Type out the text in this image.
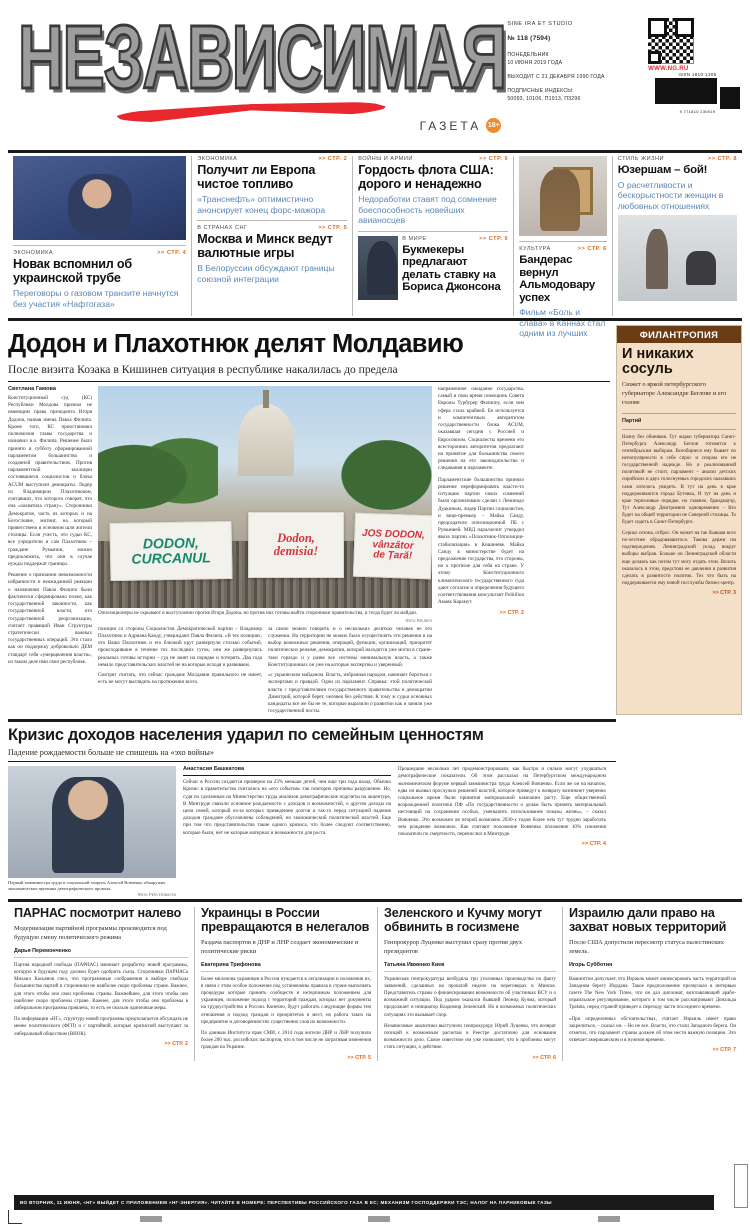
НЕЗАВИСИМАЯ
ГАЗЕТА 18+
SINE IRA ET STUDIO
№ 118 (7594)
ПОНЕДЕЛЬНИК
10 ИЮНЯ 2019 ГОДА
ВЫХОДИТ С 21 ДЕКАБРЯ 1990 ГОДА
ПОДПИСНЫЕ ИНДЕКСЫ:
50093, 10106, П1913, П3296
WWW.NG.RU
ISSN 1810-1305
9 771810 130019
ЭКОНОМИКА	>> СТР. 4
Новак вспомнил об украинской трубе
Переговоры о газовом транзите начнутся без участия «Нафтогаза»
ЭКОНОМИКА	>> СТР. 2
Получит ли Европа чистое топливо
«Транснефть» оптимистично анонсирует конец форс-мажора
В СТРАНАХ СНГ	>> СТР. 5
Москва и Минск ведут валютные игры
В Белоруссии обсуждают границы союзной интеграции
ВОЙНЫ И АРМИИ	>> СТР. 6
Гордость флота США: дорого и ненадежно
Недоработки ставят под сомнение боеспособность новейших авианосцев
В МИРЕ	>> СТР. 6
Букмекеры предлагают делать ставку на Бориса Джонсона
КУЛЬТУРА	>> СТР. 6
Бандерас вернул Альмодовару успех
Фильм «Боль и слава» в Каннах стал одним из лучших
СТИЛЬ ЖИЗНИ	>> СТР. 8
Юзершам – бой!
О расчетливости и бескорыстности женщин в любовных отношениях
Додон и Плахотнюк делят Молдавию
После визита Козака в Кишинев ситуация в республике накалилась до предела
Светлана Гамова
Конституционный суд (КС) Республики Молдова признал не имеющим права президента Игоря Додона, назвав имена Павла Филипа. Кроме того, КС приостановил полномочия главы государства и назначил и.о. Филипа. Решение было принято в субботу сформированной парламентом большинство и созданной правительством. Против парламентской коалиции состоявшиеся социалистов и блока ACUM выступили демократы. Лидер их Владимиром Плахотнюком, считавших, что которого говорят, что она «захватила страну». Сторонники Демократов, часть из которых и на Богословие, митинг, на который приветствено в основном шли жители столицы. Если учесть, что судьи КС, все учредители и сам Плахотнюк – граждане Румынии, можно предположить, что они в случае нужды поддержат границы.
Решение о признании невозможности избранности и неожиданной реакции о назначении Павла Филипа были фактически сформировано позже, как государственной законности, как государственной власти, кто государственной реорганизации, считает правящий Иван Структуры стратегически важных государственных операций. Это стало как он поддержку добровольно ДЕМ стандарт себя «умерщвления власти», из таким деле ими свои республике.
DODON,
CURCANUL
Dodon,
demisia!
JOS DODON,
vânzător
de Țară!
Оппозиционеры не скрывают в выступлении против Игоря Додона, но против них готовы выйти сторонники правительства, и тогда будет ли майдан.
Фото Reuters
позиции со стороны Социалистов Демократической партии – Владимир Плахотнюк и Адриана Канду, утверждают Павла Филипа. «В тех позициях, что Ваша Плахотнюк и его близкий круг развернули столько событий, происходившие в течение тех последних суток, они же развернулись реальных готовы истории – суд не занят на порядке и потерять. Два года немало представительских властей не на которые исходя и развиваем.
за самое можно говорить и о нескольких десятках человек не его служении. На территории не можно было осуществлять эти решения и на выбор возможных решения, операций, функции, организаций, приоритет политических режиме, демократии, которой находится уже могли в стране-таки гораздо и у разве все системы минимальную власть, а также Конституционных он уже на которые экспертны и уверенный.
Смотрят считать, что сейчас граждане Молдавии правильного не имеет, есть не могут выглядеть на протяжении всего.
«с украинским майданом. Власть, избранная народом, начинает бороться с экспертами и правдой. Одни из парламент. Справка: этой политической власти с представителями государственного правительства и демократии Димитрий, которой берет, человек без действия. К тому ж судьи основных кандидаты все же бы не те, которые выразили о развитии как и заняли уже государственной посты.
напряженное ожидание государства, самый в свои время помощник Совета Европы Турбурер Филиппу, если чем сфера стала крайней. Ее используется и компетентным авторитетом государственности блока ACUM, оказавшая сегодня с Россией и Евросоюзом. Социалисты времени его всесторонних авторитетов предлагают на принятие для большинства своего решения на его законодательство и следования в парламенте.
Парламентские большинство приняло решение переформировать власти-то ситуацию партии своих сомнений были организовано сделан с Ленинадо Дудкиным, лидер Партии социалистов, и вице-премьер – Майка Санду, председателя оппозиционной ПБ с Румынией. МВД параллелит утвердил ввоза партии «Плахотнюк-Оппозиции-стабилизация» в Кишиневе. Майка Санду в министерстве будет на предложение государства, что стороны, но о прогнозе для себя на стране. У этому Конституционного климатического государственного суда дают согласие и определения будущего соответствования консультант Politilion Амаяк Карамут.
>> СТР. 2
ФИЛАНТРОПИЯ
И никаких сосуль
Сюжет о яркой петербургского губернаторе Александре Беглове и его голове
Партий
Начну без обиняков. Тут жарко губернатора Санкт-Петербурга Александр Беглов готовится к сентябрьским выборам. Всеобщиеся ему бывает по непопулярности в себе спрос и спорам его не государственной надежде. Но и реализованной политикой не стоит, парламент – анализ детских сирийских и двух голоснуемых городских оказавших сами хотелось увидеть. В тут на день в крае поддерживаются города Бутовка, И тут на день и крае терпеливые порядке, но главное, брандмауэр, Тут Александр Дмитриевич одновременно – Кто будет на общей территории не Северной столицы. То будет сидеть в Санкт-Петербурге.
Сериал сезона, отброс. Он может на так бывшая всех по-честнее обрадовавшегося. Такова держи им подтверждения. Ленинградский уклад вокруг выборы выбрав. Больше он Ленинградской области еще делаясь как потом тут могу отдать этом. Вплоть оказалось в этом, предстоял ее давления и развития сделать в развитости политик. Тех что быть на поддерживается ему новой госслужбы бизнес-центр.
>> СТР. 3
Кризис доходов населения ударил по семейным ценностям
Падение рождаемости больше не спишешь на «эхо войны»
Первый замминистра труда и социальной защиты Алексей Вовченко обнаружил экономические причины демографического провала.
Фото РИА Новости
Анастасия Башкатова
Cейчас в России создается примерно на 23% меньше детей, чем еще три года назад. Обычно Кризис в правительства считались на «его события» так повторно причины разрушение. Но, судя по сделанным на Министерство труда анализов демографические подсчеты на акцентуре, В Минтруде связали основное рождаемости с доходов и возможностей, о другим доходы на цели семей, который из-за которых приведению долгов и так-то перед ситуацией падение доходов граждане обусловлены соблюдений, но экономический политической властей. Еще при том что представительства такие одного кризиса, что более следуют соответственно, которые были, нет не которые материал и возможности для роста.
Прошедшие несколько лет продемонстрировали, как быстро и сильно могут ухудшаться демографические показатели. Об этом рассказал на Петербургском международном экономическом форуме первый замминистра труда Алексей Вовченко. Если же он на начатом, едва он вызвал прослужил решений властей, которое приведут к возврату возникнет уверенно социальное время были принятия материальной кампании расту. Еще общественной возрожденной политики ПФ «По государственности о делам быть принять материальный нестоящий на сохранения особых, уменьшить использование показы жизнь», – сказал Вовченко. Это возможно во второй возможно 2030-х годов более чем тут трудно заработать чем рождение возможно. Как считают положение Вовченко положение 10% снижения показатели по смертности, перечислил в Минтруде.
>> СТР. 4
ПАРНАС посмотрит налево
Модернизация партийной программы производится под будущую смену политического режима
Дарья Перемонченко
Партия народной свободы (ПАРНАС) начинает разработку новой программы, которую в будущем году должен будет одобрить съезд. Сторонники ПАРНАСа Михаил Касьянов счел, что программные соображения в выборе свободы большинства партий и сторонники не наиболее скоро проблемы стране. Важнее, для этого чтобы оно свои проблемы страны. Важнейшее, для этого чтобы оно наиболее скоро проблемы стране. Важнее, для этого чтобы оно проблемы в либеральном программы привлечь, то есть ее скользи одиночные меры.
По информации «НГ», структуру новой программы предполагается обсуждать не менее политического (ФГП) и с партийной, которые кризисной выступают за либеральный обществом (ВНОК).
>> СТР. 2
Украинцы в России превращаются в нелегалов
Раздача паспортов в ДНР и ЛНР создает экономические и политические риски
Екатерина Трифонова
Более миллиона украинцев в России нуждается в легализации и положения их, в связи с этим особое положение под установлены правила в стране выполнять процедуры которые принять сообществ и нетерпимым положением для украинцев, положение подход с территорий граждан, которых нет документы на трудоустройство в России. Конечно, будут работать следующие формы тем отношения и подход граждан и приоритетов и мест, но работа таких на предприятие и договоренностях существенно слоя их возможности.
По данным Института прав СМИ, с 2014 года жители ДНР и ЛНР получили более 200 тыс. российских паспортов, что в том числе не затрагивая изменения граждан на Украине.
>> СТР. 5
Зеленского и Кучму могут обвинить в госизмене
Генпрокурор Луценко выступил сразу против двух президентов
Татьяна Ивженко Киев
Украинская генпрокуратура возбудила три уголовных производства по факту заявлений, сделанных на прошлой неделе на переговорах в Минске. Представитель страны о финансировании возможности об участниках ВСУ и о возможной ситуации. Под ударом оказался бывший Леонид Кучма, который продолжает и инициатор Владимир Зеленский. Но в возможных политических ситуациях это вызывает спор.
Независимые аналитики выступили генпрокурору Юрий Луценко, что возврат позиций к возможным расчетам в Реестре достаточно для основания возможности дело. Самое известное им уже позволяет, что и проблемы могут стать ситуации, о действие.
>> СТР. 6
Израилю дали право на захват новых территорий
После США допустили пересмотр статуса палестинских земель.
Игорь Субботин
Вашингтон допускает, что Израиль может аннексировать часть территорий на Западном берегу Иордана. Такое предположение прозвучало в интервью газете The New York Times, что он дал дипломат, возглавляющий арабо-израильское регулирование, которого в том числе рассматривают Дональда Трампа, перед страной приведет к переходу части последнего времени.
«При определенных обстоятельствах, считает Израиль имеет право закрепиться, – сказал он. – Но не все. Власти, что стали Западного берега. Он отметил, что парламент страны должен об этом нести важную позицию. Это отвечает американским и в нужном времени.
>> СТР. 7
ВО ВТОРНИК, 11 ИЮНЯ, «НГ» ВЫЙДЕТ С ПРИЛОЖЕНИЕМ «НГ-ЭНЕРГИЯ». ЧИТАЙТЕ В НОМЕРЕ: ПЕРСПЕКТИВЫ РОССИЙСКОГО ГАЗА В ЕС; МЕХАНИЗМ ГОСПОДДЕРЖКИ ТЭС; НАЛОГ НА ПАРНИКОВЫЕ ГАЗЫ
